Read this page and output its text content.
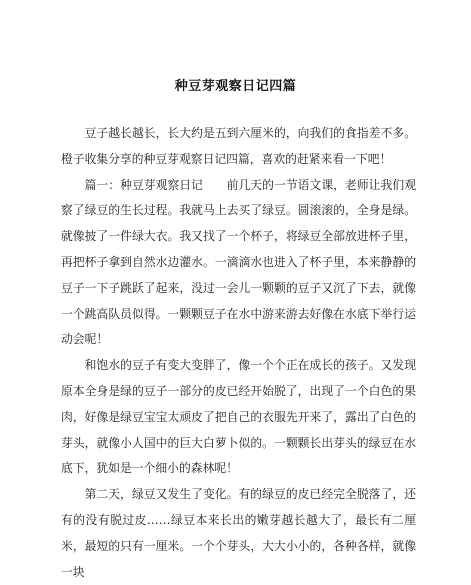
种豆芽观察日记四篇

豆子越长越长，长大约是五到六厘米的，向我们的食指差不多。橙子收集分享的种豆芽观察日记四篇，喜欢的赶紧来看一下吧！

篇一：种豆芽观察日记　　前几天的一节语文课，老师让我们观察了绿豆的生长过程。我就马上去买了绿豆。圆滚滚的，全身是绿。就像披了一件绿大衣。我又找了一个杯子，将绿豆全部放进杯子里，再把杯子拿到自然水边灌水。一滴滴水也进入了杯子里，本来静静的豆子一下子跳跃了起来，没过一会儿一颗颗的豆子又沉了下去，就像一个跳高队员似得。一颗颗豆子在水中游来游去好像在水底下举行运动会呢！

和饱水的豆子有变大变胖了，像一个个正在成长的孩子。又发现原本全身是绿的豆子一部分的皮已经开始脱了，出现了一个白色的果肉，好像是绿豆宝宝太顽皮了把自己的衣服先开来了，露出了白色的芽头，就像小人国中的巨大白萝卜似的。一颗颗长出芽头的绿豆在水底下，犹如是一个细小的森林呢！

第二天，绿豆又发生了变化。有的绿豆的皮已经完全脱落了，还有的没有脱过皮……绿豆本来长出的嫩芽越长越大了，最长有二厘米，最短的只有一厘米。一个个芽头，大大小小的，各种各样，就像一块
